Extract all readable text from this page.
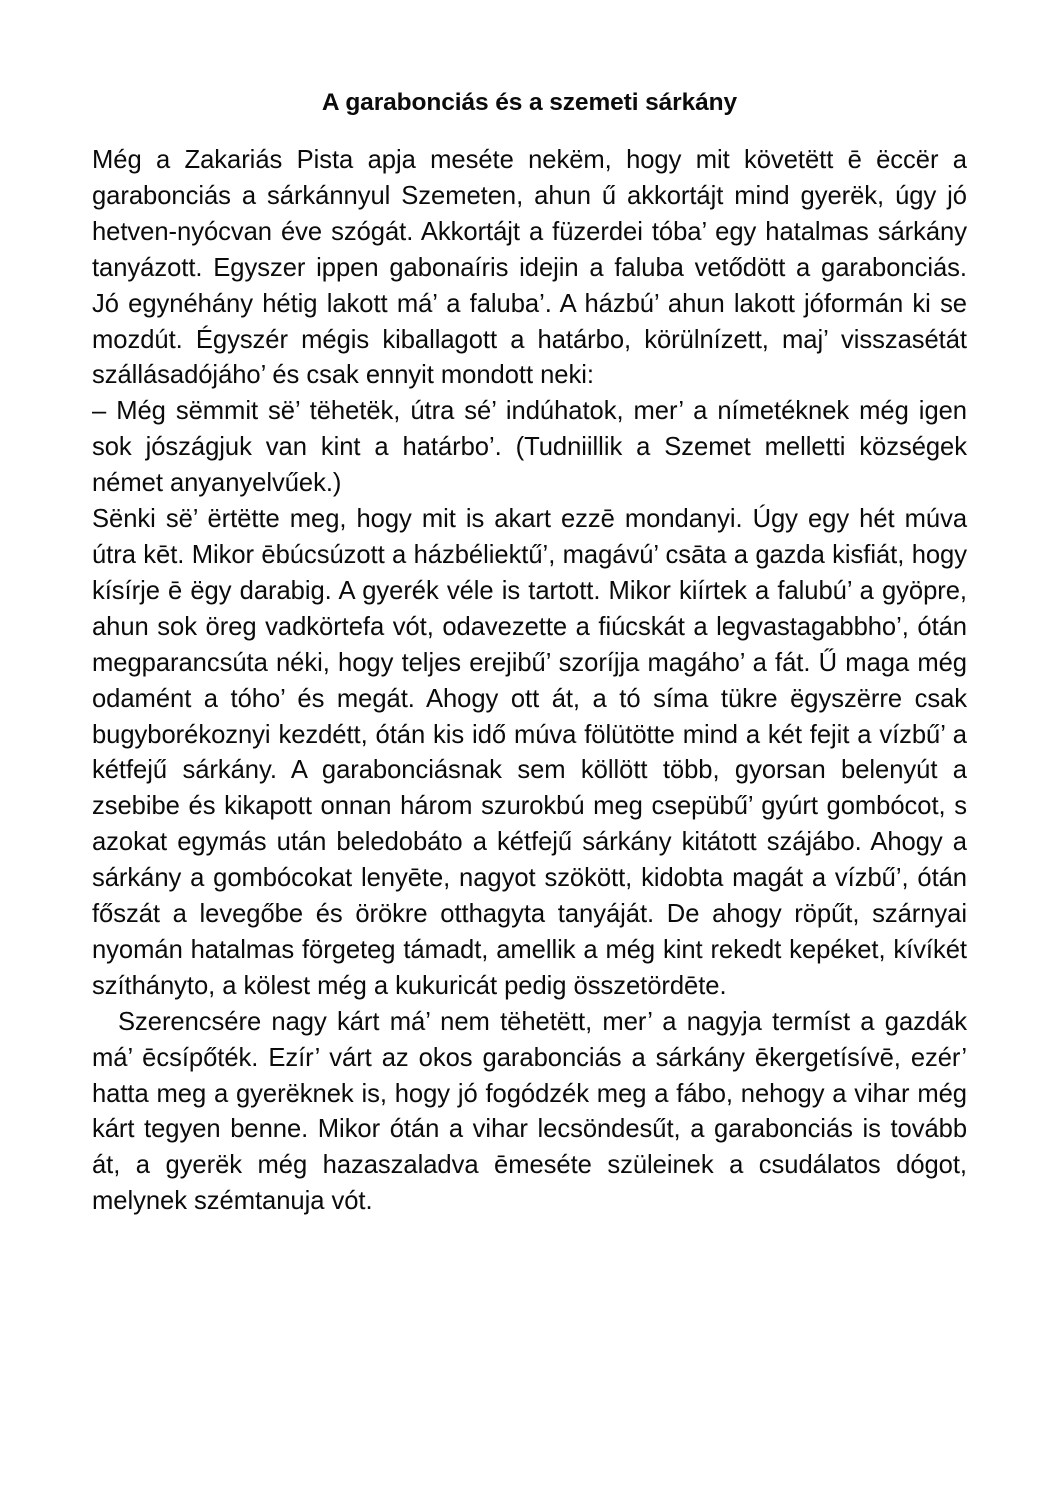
A garabonciás és a szemeti sárkány

Még a Zakariás Pista apja meséte nekëm, hogy mit követëtt ē ëccër a garabonciás a sárkánnyul Szemeten, ahun ű akkortájt mind gyerëk, úgy jó hetven-nyócvan éve szógát. Akkortájt a füzerdei tóba’ egy hatalmas sárkány tanyázott. Egyszer ippen gabonaíris idejin a faluba vetődött a garabonciás. Jó egynéhány hétig lakott má’ a faluba’. A házbú’ ahun lakott jóformán ki se mozdút. Égyszér mégis kiballagott a határbo, körülnízett, maj’ visszasétát szállásadójáho’ és csak ennyit mondott neki:

– Még sëmmit së’ tëhetëk, útra sé’ indúhatok, mer’ a nímetéknek még igen sok jószágjuk van kint a határbo’. (Tudniillik a Szemet melletti községek német anyanyelvűek.)

Sënki së’ ërtëtte meg, hogy mit is akart ezzē mondanyi. Úgy egy hét múva útra kēt. Mikor ēbúcsúzott a házbéliektű’, magávú’ csāta a gazda kisfiát, hogy kísírje ē ëgy darabig. A gyerék véle is tartott. Mikor kiírtek a falubú’ a gyöpre, ahun sok öreg vadkörtefa vót, odavezette a fiúcskát a legvastagabbho’, ótán megparancsúta néki, hogy teljes erejibű’ szoríjja magáho’ a fát. Ű maga még odamént a tóho’ és megát. Ahogy ott át, a tó síma tükre ëgyszërre csak bugyborékoznyi kezdétt, ótán kis idő múva fölütötte mind a két fejit a vízbű’ a kétfejű sárkány. A garabonciásnak sem köllött több, gyorsan belenyút a zsebibe és kikapott onnan három szurokbú meg csepübű’ gyúrt gombócot, s azokat egymás után beledobáto a kétfejű sárkány kitátott szájábo. Ahogy a sárkány a gombócokat lenyēte, nagyot szökött, kidobta magát a vízbű’, ótán főszát a levegőbe és örökre otthagyta tanyáját. De ahogy röpűt, szárnyai nyomán hatalmas förgeteg támadt, amellik a még kint rekedt kepéket, kívíkét szíthányto, a kölest még a kukuricát pedig összetördēte.

Szerencsére nagy kárt má’ nem tëhetëtt, mer’ a nagyja termíst a gazdák má’ ēcsípőték. Ezír’ várt az okos garabonciás a sárkány ēkergetísívē, ezér’ hatta meg a gyerëknek is, hogy jó fogódzék meg a fábo, nehogy a vihar még kárt tegyen benne. Mikor ótán a vihar lecsöndesűt, a garabonciás is tovább át, a gyerëk még hazaszaladva ēmeséte szüleinek a csudálatos dógot, melynek szémtanuja vót.
